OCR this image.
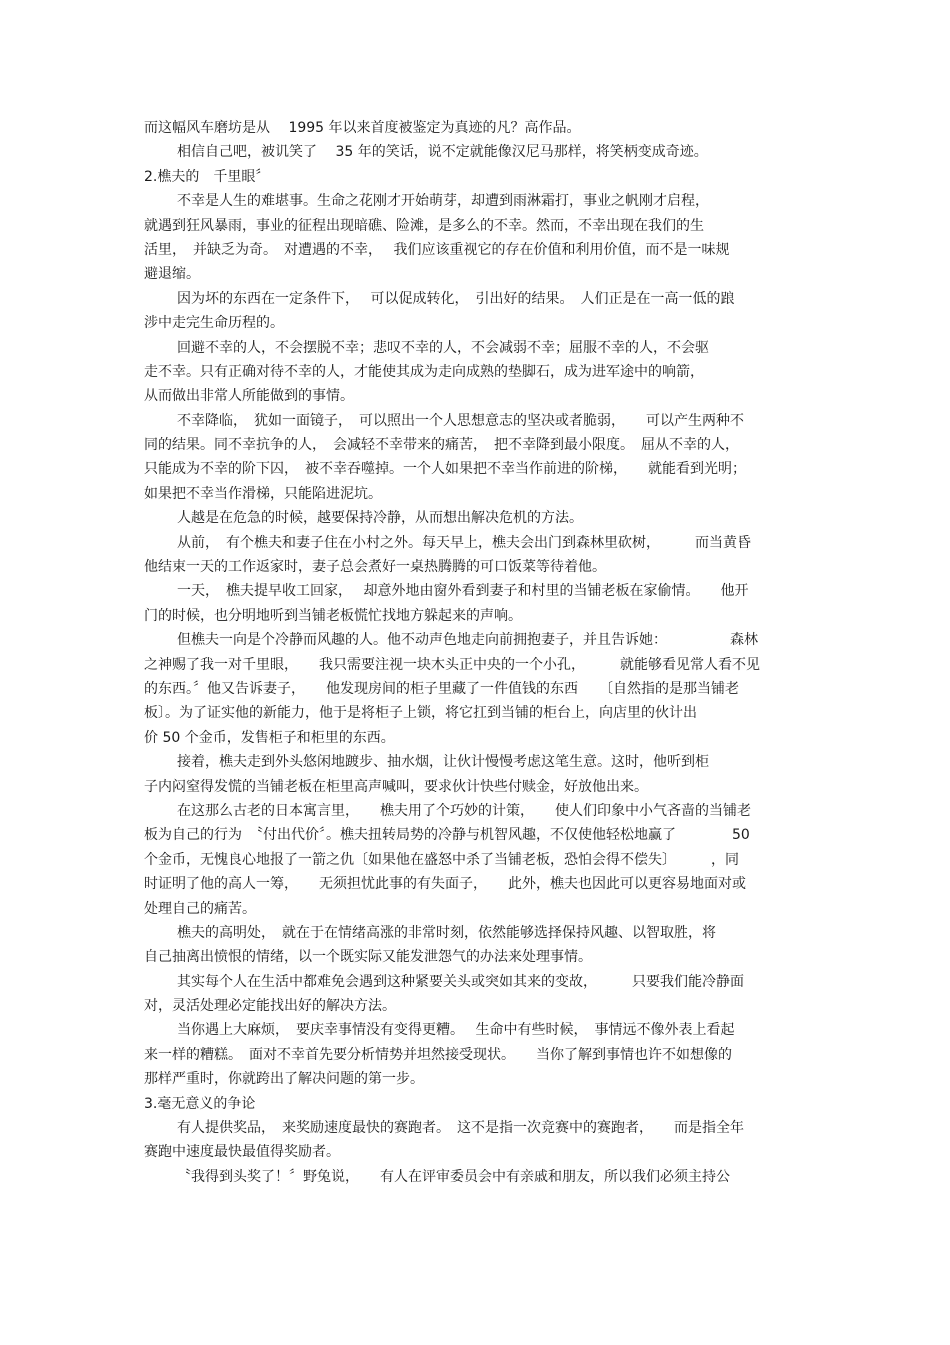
而这幅风车磨坊是从　 1995 年以来首度被鉴定为真迹的凡？高作品。
相信自己吧，被讥笑了　 35 年的笑话，说不定就能像汉尼马那样，将笑柄变成奇迹。
2.樵夫的　千里眼〞
不幸是人生的难堪事。生命之花刚才开始萌芽，却遭到雨淋霜打，事业之帆刚才启程，
就遇到狂风暴雨，事业的征程出现暗礁、险滩，是多么的不幸。然而，不幸出现在我们的生
活里，　并缺乏为奇。　对遭遇的不幸，　 我们应该重视它的存在价值和利用价值，而不是一味规
避退缩。
因为坏的东西在一定条件下，　 可以促成转化，　引出好的结果。　人们正是在一高一低的踉
涉中走完生命历程的。
回避不幸的人，不会摆脱不幸；悲叹不幸的人，不会减弱不幸；屈服不幸的人，不会驱
走不幸。只有正确对待不幸的人，才能使其成为走向成熟的垫脚石，成为进军途中的响箭，
从而做出非常人所能做到的事情。
不幸降临，　犹如一面镜子，　可以照出一个人思想意志的坚决或者脆弱，　　可以产生两种不
同的结果。同不幸抗争的人，　会减轻不幸带来的痛苦，　把不幸降到最小限度。　屈从不幸的人，
只能成为不幸的阶下囚，　被不幸吞噬掉。一个人如果把不幸当作前进的阶梯，　　就能看到光明；
如果把不幸当作滑梯，只能陷进泥坑。
人越是在危急的时候，越要保持冷静，从而想出解决危机的方法。
从前，　有个樵夫和妻子住在小村之外。每天早上，樵夫会出门到森林里砍树，　　　而当黄昏
他结束一天的工作返家时，妻子总会煮好一桌热腾腾的可口饭菜等待着他。
一天，　樵夫提早收工回家，　 却意外地由窗外看到妻子和村里的当铺老板在家偷情。　　他开
门的时候，也分明地听到当铺老板慌忙找地方躲起来的声响。
但樵夫一向是个冷静而风趣的人。他不动声色地走向前拥抱妻子，并且告诉她：　　　　　森林
之神赐了我一对千里眼，　　我只需要注视一块木头正中央的一个小孔，　　　就能够看见常人看不见
的东西。〞他又告诉妻子，　　他发现房间的柜子里藏了一件值钱的东西　　〔自然指的是那当铺老
板〕。为了证实他的新能力，他于是将柜子上锁，将它扛到当铺的柜台上，向店里的伙计出
价 50 个金币，发售柜子和柜里的东西。
接着，樵夫走到外头悠闲地踱步、抽水烟，让伙计慢慢考虑这笔生意。这时，他听到柜
子内闷窒得发慌的当铺老板在柜里高声喊叫，要求伙计快些付赎金，好放他出来。
在这那么古老的日本寓言里，　　樵夫用了个巧妙的计策，　　使人们印象中小气吝啬的当铺老
板为自己的行为　〝付出代价〞。樵夫扭转局势的冷静与机智风趣，不仅使他轻松地赢了　　　　50
个金币，无愧良心地报了一箭之仇〔如果他在盛怒中杀了当铺老板，恐怕会得不偿失〕　　　，同
时证明了他的高人一筹，　　无须担忧此事的有失面子，　　此外，樵夫也因此可以更容易地面对或
处理自己的痛苦。
樵夫的高明处，　就在于在情绪高涨的非常时刻，依然能够选择保持风趣、以智取胜，将
自己抽离出愤恨的情绪，以一个既实际又能发泄怨气的办法来处理事情。
其实每个人在生活中都难免会遇到这种紧要关头或突如其来的变故，　　　只要我们能冷静面
对，灵活处理必定能找出好的解决方法。
当你遇上大麻烦，　要庆幸事情没有变得更糟。　 生命中有些时候，　事情远不像外表上看起
来一样的糟糕。　面对不幸首先要分析情势并坦然接受现状。　　当你了解到事情也许不如想像的
那样严重时，你就跨出了解决问题的第一步。
3.毫无意义的争论
有人提供奖品，　来奖励速度最快的赛跑者。　这不是指一次竞赛中的赛跑者，　　而是指全年
赛跑中速度最快最值得奖励者。
〝我得到头奖了！〞野兔说，　　有人在评审委员会中有亲戚和朋友，所以我们必须主持公
